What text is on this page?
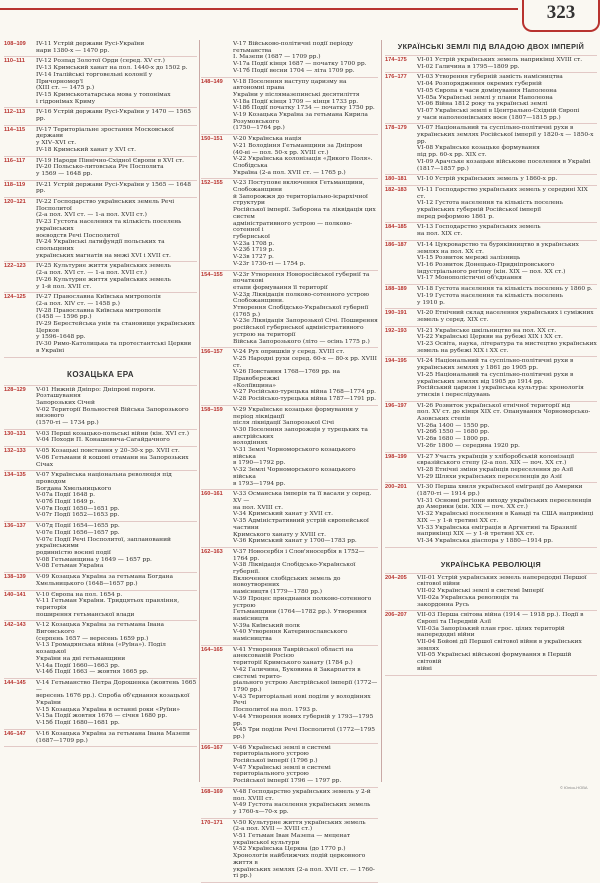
323
108–109	IV-11 Устрій держави Русі-України
нари 1380-х — 1470 рр.
110–111	IV-12 Розпад Золотої Орди (серед. XV ст.)
IV-13 Кримський ханат на пол. 1440-х до 1502 р.
IV-14 Італійські торговельні колонії у Причорномор'ї
(XIII ст. — 1475 р.)
IV-15 Кримськотатарська мова у топонімах
і гідронімах Криму
112–113	IV-16 Устрій держави Русі-України у 1470 — 1565 рр.
114–115	IV-17 Територіальне зростання Московської держави
у XIV–XVI ст.
IV-18 Кримський ханат у XVI ст.
116–117	IV-19 Народи Північно-Східної Європи в XVI ст.
IV-20 Польсько-литовська Річ Посполита
у 1569 — 1648 рр.
118–119	IV-21 Устрій держави Русі-України у 1565 — 1648 рр.
120–121	IV-22 Господарство українських земель Речі Посполитої
(2-а пол. XVI ст. — 1-а пол. XVII ст.)
IV-23 Густота населення та кількість поселень українських
воєводств Речі Посполитої
IV-24 Українські латифундії польських та спольщених
українських магнатів на межі XVI і XVII ст.
122–123	IV-25 Культурне життя українських земель
(2-а пол. XVI ст. — 1-а пол. XVII ст.)
IV-26 Культурне життя українських земель
у 1-й пол. XVII ст.
124–125	IV-27 Православна Київська митрополія
(2-а пол. XIV ст. — 1458 р.)
IV-28 Православна Київська митрополія
(1458 — 1596 рр.)
IV-29 Берестейська унія та становище українських Церков
у 1596–1648 рр.
IV-30 Римо-Католицька та протестантські Церкви
в Україні
КОЗАЦЬКА ЕРА
128–129	V-01 Нижній Дніпро: Дніпрові пороги. Розташування
Запорозьких Січей
V-02 Території Вольностей Війська Запорозького низового
(1570-ті — 1734 рр.)
130–131	V-03 Перші козацько-польські війни (кін. XVI ст.)
V-04 Походи П. Конашевича-Сагайдачного
132–133	V-05 Козацькі повстання у 20–30-х рр. XVII ст.
V-06 Гетьмани й кошові отамани на Запорозьких Січах
134–135	V-07 Українська національна революція під проводом
Богдана Хмельницького
V-07а Події 1648 р.
V-07б Події 1649 р.
V-07в Події 1650—1651 рр.
V-07г Події 1652—1653 рр.
136–137	V-07д Події 1654—1655 рр.
V-07е Події 1656—1657 рр.
V-07є Події Речі Посполитої, запланований українськими
родинністю воєнні події
V-08 Гетьманщина у 1649 — 1657 рр.
V-08 Гетьман Україна
138–139	V-09 Козацька Україна за гетьмана Богдана
Хмельницького (1648—1657 рр.)
140–141	V-10 Європа на пол. 1654 р.
V-11 Гетьман України. Тридцятьох правління, територія
поширення гетьманської влади
142–143	V-12 Козацька Україна за гетьмана Івана Виговського
(серпень 1657 — вересень 1659 рр.)
V-13 Громадянська війна («Руїна»). Поділ козацької
України на дві гетьманщини
V-14а Події 1660—1663 рр.
V-14б Події 1663 — жовтня 1665 рр.
144–145	V-14 Гетьманство Петра Дорошенка (жовтень 1665 —
вересень 1676 рр.). Спроба об'єднання козацької України
V-15 Козацька Україна в останні роки «Руїни»
V-15а Події жовтня 1676 — січня 1680 рр.
V-15б Події 1680—1681 рр.
146–147	V-16 Козацька Україна за гетьмана Івана Мазепи
(1687—1709 рр.)
V-17 Військово-політичні події періоду гетьманства
І. Мазепи (1687 — 1709 рр.)
V-17а Події кінця 1687 — початку 1700 рр.
V-17б Події весни 1704 — літа 1709 рр.
148–149	V-18 Поселення наступу царизму на автономні права
України у післямазепинські десятиліття
V-18а Події кінця 1709 — кінця 1733 рр.
V-18б Події початку 1734 — початку 1750 рр.
V-19 Козацька Україна за гетьмана Кирила Розумовського
(1750—1764 рр.)
150–151	V-20 Українська нація
V-21 Володіння Гетьманщини за Дніпром
(40-ві — пол. 50-х рр. XVIII ст.)
V-22 Українська колонізація «Дикого Поля». Слобідська
Україна (2-а пол. XVII ст. — 1765 р.)
152–155	V-23 Поступове включення Гетьманщини, Слобожанщини
й Запорожжя до територіально-ієрархічної структури
Російської імперії. Заборона та ліквідація цих систем
адміністративного устрою — полково-сотенної і
губернської
V-23а 1708 р.
V-23б 1719 р.
V-23в 1727 р.
V-23г 1730-ті — 1754 р.
154–155	V-23г Утворення Новоросійської губернії та початкові
етапи формування її території
V-23д Ліквідація полково-сотенного устрою Слобожанщини.
Утворення Слобідсько-Української губернії (1765 р.)
V-23е Ліквідація Запорозької Січі. Поширення
російської губернської адміністративного устрою на території
Війська Запорозького (літо — осінь 1775 р.)
156–157	V-24 Рух опришків у серед. XVIII ст.
V-25 Народні рухи серед. 60-х — 80-х рр. XVIII ст.
V-26 Повстання 1768—1769 рр. на Правобережжі
«Коліївщина»
V-27 Російсько-турецька війна 1768—1774 рр.
V-28 Російсько-турецька війна 1787—1791 рр.
158–159	V-29 Українське козацьке формування у період ліквідації
після ліквідації Запорозької Січі
V-30 Поселення запорожців у турецьких та австрійських
володіннях
V-31 Землі Чорноморського козацького війська
в 1790—1792 рр.
V-32 Землі Чорноморського козацького війська
в 1793—1794 рр.
160–161	V-33 Османська імперія та її васали у серед. XV —
на пол. XVIII ст.
V-34 Кримський ханат у XVII ст.
V-35 Адміністративний устрій європейської частини
Кримського ханату у XVIII ст.
V-36 Кримський ханат у 1700—1783 рр.
162–163	V-37 Новосербія і Слов'яносербія в 1752—1764 рр.
V-38 Ліквідація Слобідсько-Української губернії.
Включення слобідських земель до новоутворених
намісництв (1779—1780 рр.)
V-39 Процес приєднання полково-сотенного устрою
Гетьманщини (1764—1782 рр.). Утворення намісництв
V-39а Київський полк
V-40 Утворення Катеринославського намісництва
164–165	V-41 Утворення Таврійської області на анексованій Росією
території Кримського ханату (1784 р.)
V-42 Галичина, Буковина й Закарпаття в системі терито-
ріального устрою Австрійської імперії (1772—1790 рр.)
V-43 Територіальні нові поділи у володіннях Речі
Посполитої на пол. 1793 р.
V-44 Утворення нових губерній у 1793—1795 рр.
V-45 Три поділи Речі Посполитої (1772—1795 рр.)
166–167	V-46 Українські землі в системі територіального устрою
Російської імперії (1796 р.)
V-47 Українські землі в системі територіального устрою
Російської імперії 1796 — 1797 рр.
168–169	V-48 Господарство українських земель у 2-й пол. XVIII ст.
V-49 Густота населення українських земель
у 1760-х—70-х рр.
170–171	V-50 Культурне життя українських земель
(2-а пол. XVII — XVIII ст.)
V-51 Гетьман Іван Мазепа — меценат української культури
V-52 Українська Церква (до 1770 р.)
Хронологія найближчих подій церковного життя в
українських землях (2-а пол. XVII ст. — 1760-ті рр.)
УКРАЇНСЬКІ ЗЕМЛІ ПІД ВЛАДОЮ ДВОХ ІМПЕРІЙ
174–175	VI-01 Устрій українських земель наприкінці XVIII ст.
VI-02 Галичина в 1795—1809 рр.
176–177	VI-03 Утворення губерній замість намісництва
VI-04 Розпорядження окремих губерній
VI-05 Європа в часи домінування Наполеона
VI-05а Українські землі у плани Наполеона
VI-06 Війна 1812 року та українські землі
VI-07 Українські землі в Центрально-Східній Європі
у часи наполеонівських воєн (1807—1815 рр.)
178–179	VI-07 Національний та суспільно-політичні рухи в
українських землях Російської імперії у 1820-х — 1850-х рр.
VI-08 Українське козацьке формування
під рр. 60-х рр. XIX ст.
VI-09 Арачське козацьке військове поселення в Україні
(1817—1857 рр.)
180–181	VI-10 Устрій українських земель у 1860-х рр.
182–183	VI-11 Господарство українських земель у середині XIX ст.
VI-12 Густота населення та кількість поселень
українських губерній Російської імперії
перед реформою 1861 р.
184–185	VI-13 Господарство українських земель
на пол. XIX ст.
186–187	VI-14 Цукроварство та буряківництво в українських
землях на пол. XX ст.
VI-15 Розвиток мережі залізниць
VI-16 Розвиток Донецько-Придніпровського
індустріального регіону (кін. XIX — пол. XX ст.)
VI-17 Монополістичні об'єднання
188–189	VI-18 Густота населення та кількість поселень у 1860 р.
VI-19 Густота населення та кількість поселень
у 1910 р.
190–191	VI-20 Етнічний склад населення українських і суміжних
земель у серед. XIX ст.
192–193	VI-21 Українське шкільництво на пол. XX ст.
VI-22 Українські Церкви на рубежі XIX і XX ст.
VI-23 Освіта, наука, література та мистецтво українських
земель на рубежі XIX і XX ст.
194–195	VI-24 Національний та суспільно-політичні рухи в
українських землях у 1861 до 1905 рр.
VI-25 Національний та суспільно-політичні рухи в
українських землях від 1905 до 1914 рр.
Російський царизм і українська культура: хронологія
утисків і переслідувань
196–197	VI-26 Розвиток української етнічної території від
пол. XV ст. до кінця XIX ст. Опанування Чорноморсько-
Азовських степів
VI-26а 1400 — 1550 рр.
VI-26б 1550 — 1680 рр.
VI-26в 1680 — 1800 рр.
VI-26г 1800 — середина 1920 рр.
198–199	VI-27 Участь українців у хліборобській колонізації
євразійського степу (2-а пол. XIX — поч. XX ст.)
VI-28 Етнічні зміни українців переселення до Азії
VI-29 Шляхи українських переселенців до Азії
200–201	VI-30 Перша хвиля української еміграції до Америки
(1870-ті — 1914 рр.)
VI-31 Основні регіони виходу українських переселенців
до Америки (кін. XIX — поч. XX ст.)
VI-32 Українські поселення в Канаді та США наприкінці
XIX — у 1-й третині XX ст.
VI-33 Українська еміграція в Аргентині та Бразилії
наприкінці XIX — у 1-й третині XX ст.
VI-34 Українська діаспора у 1880—1914 рр.
УКРАЇНСЬКА РЕВОЛЮЦІЯ
204–205	VII-01 Устрій українських земель напередодні Першої
світової війни
VII-02 Українські землі в системі Імперії
VII-02а Українська революція та
закордонна Русь
206–207	VII-03 Перша світова війна (1914 — 1918 рр.). Події в
Європі та Передній Азії
VII-03а Запорізький план грос. цілих територій
напередодні війни
VII-04 Бойові дії Першої світової війни в українських
землях
VII-05 Українські військові формування в Першій світовій
війні
© Юніск-НОВА
